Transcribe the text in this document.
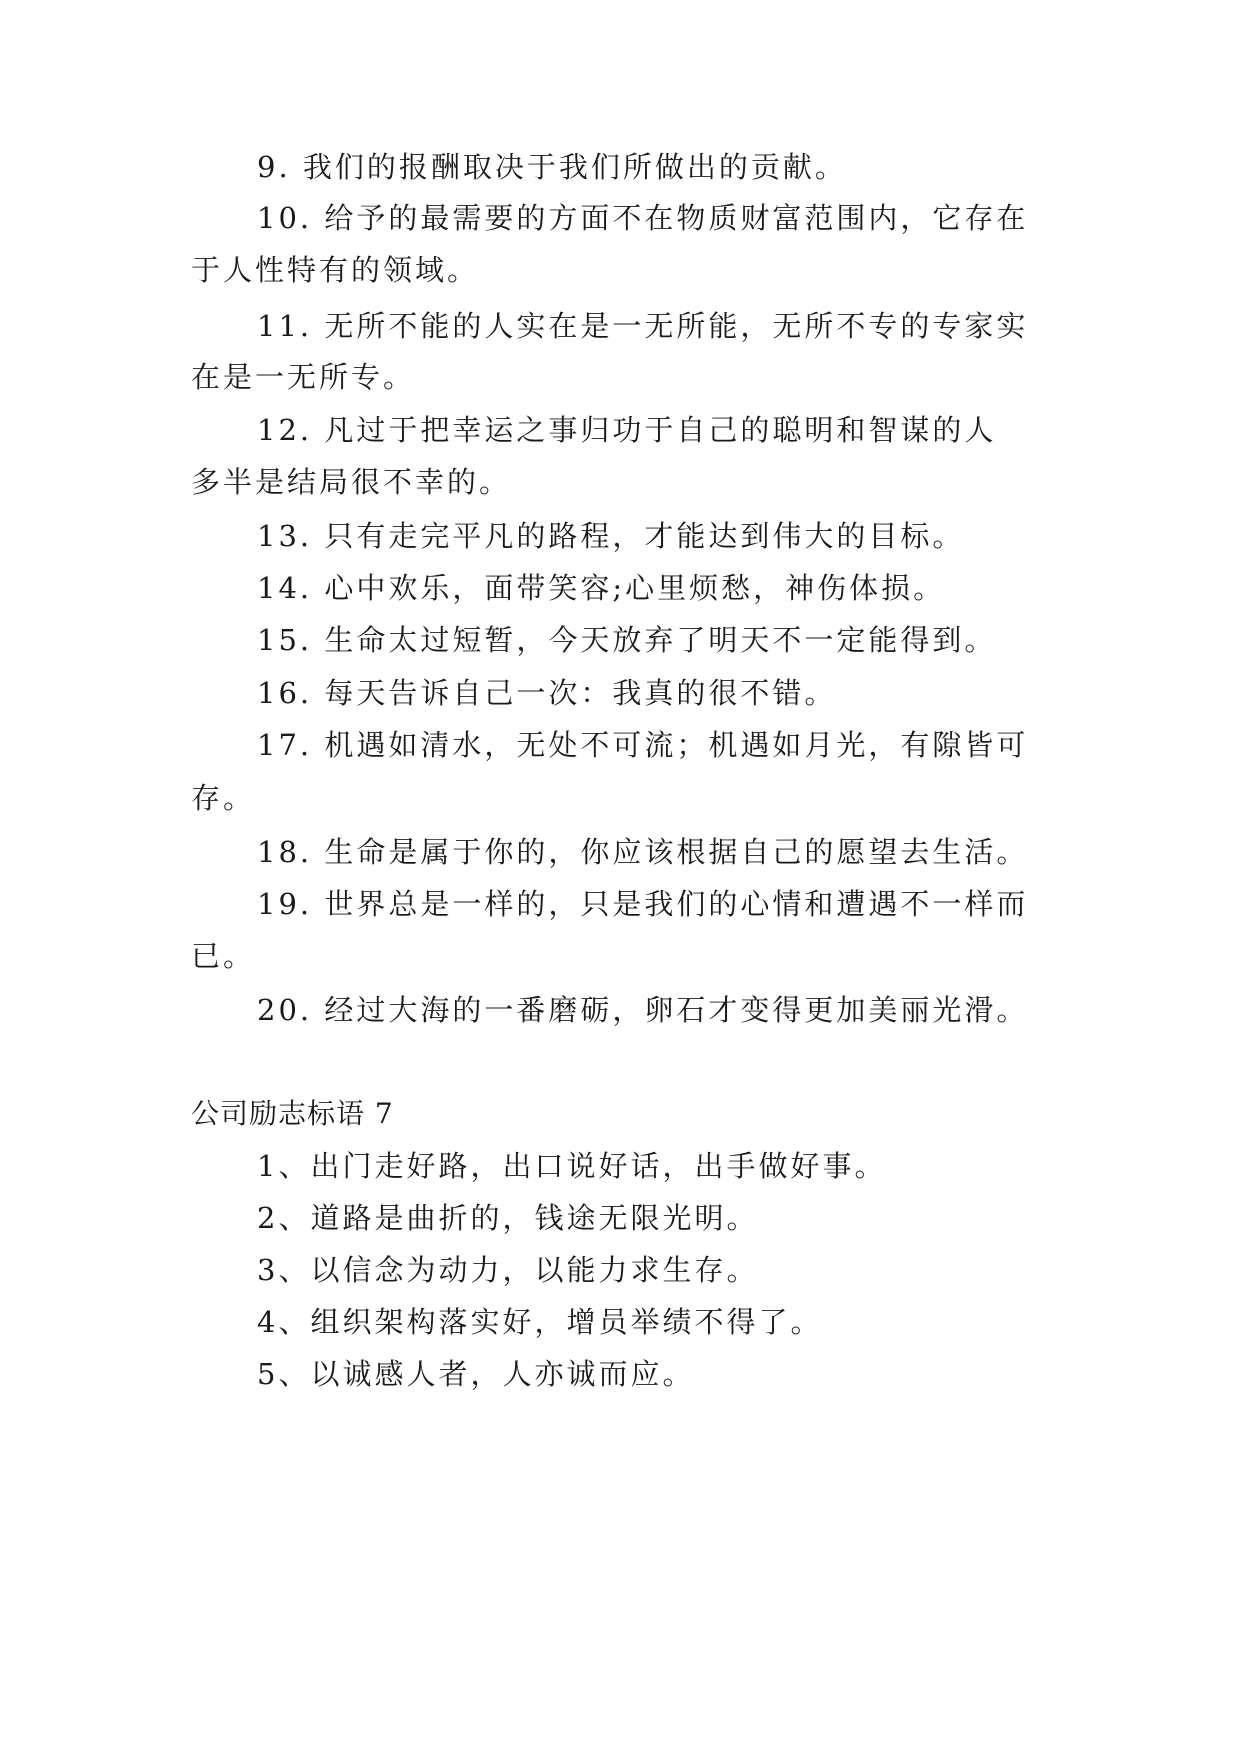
9. 我们的报酬取决于我们所做出的贡献。
10. 给予的最需要的方面不在物质财富范围内，它存在
于人性特有的领域。
11. 无所不能的人实在是一无所能，无所不专的专家实
在是一无所专。
12. 凡过于把幸运之事归功于自己的聪明和智谋的人
多半是结局很不幸的。
13. 只有走完平凡的路程，才能达到伟大的目标。
14. 心中欢乐，面带笑容;心里烦愁，神伤体损。
15. 生命太过短暂，今天放弃了明天不一定能得到。
16. 每天告诉自己一次：我真的很不错。
17. 机遇如清水，无处不可流；机遇如月光，有隙皆可
存。
18. 生命是属于你的，你应该根据自己的愿望去生活。
19. 世界总是一样的，只是我们的心情和遭遇不一样而
已。
20. 经过大海的一番磨砺，卵石才变得更加美丽光滑。
公司励志标语 7
1、出门走好路，出口说好话，出手做好事。
2、道路是曲折的，钱途无限光明。
3、以信念为动力，以能力求生存。
4、组织架构落实好，增员举绩不得了。
5、以诚感人者，人亦诚而应。
